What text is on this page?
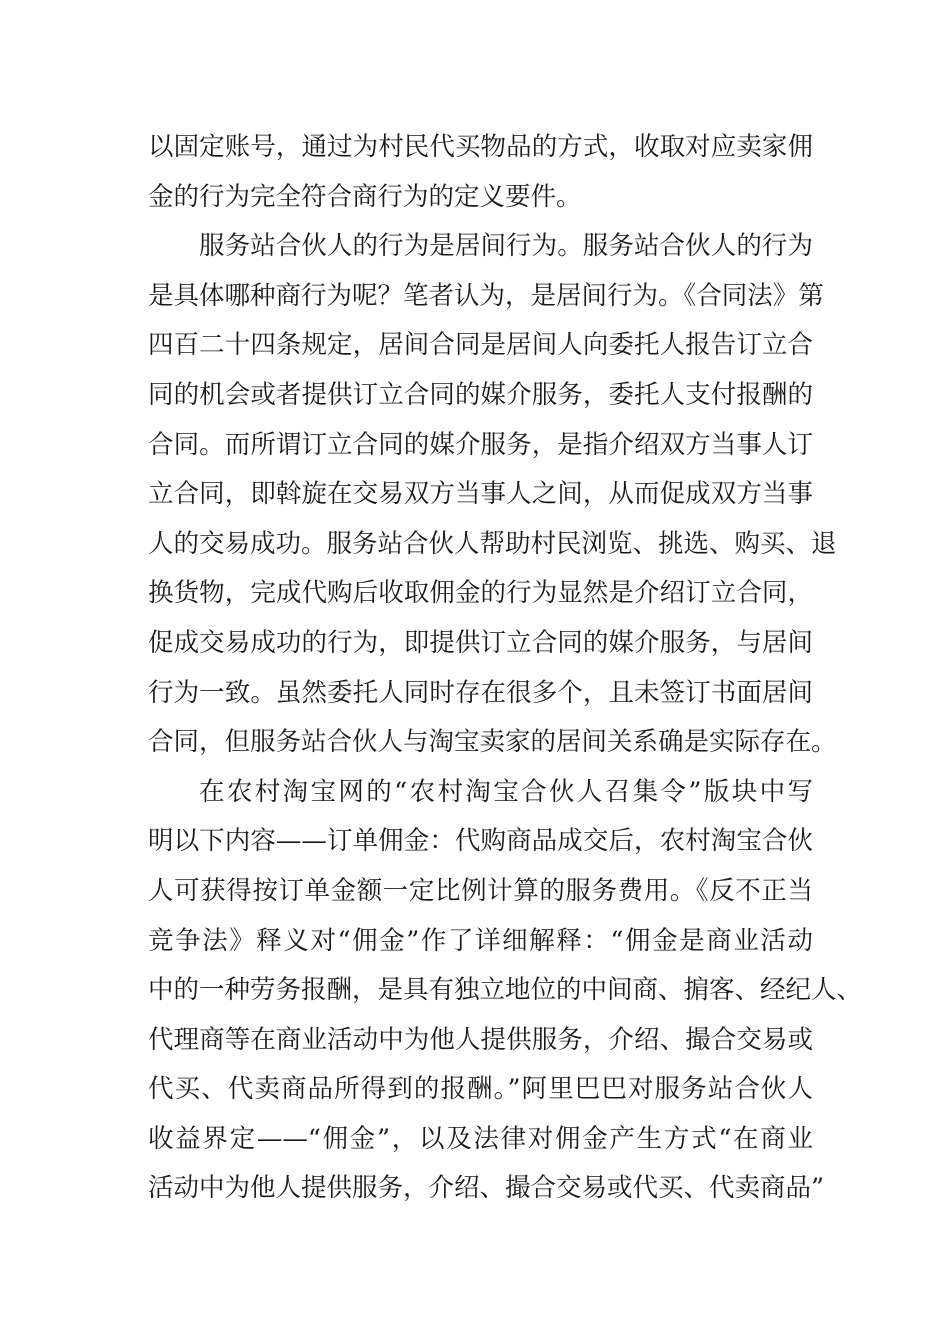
以固定账号，通过为村民代买物品的方式，收取对应卖家佣
金的行为完全符合商行为的定义要件。
服务站合伙人的行为是居间行为。服务站合伙人的行为
是具体哪种商行为呢？笔者认为，是居间行为。《合同法》第
四百二十四条规定，居间合同是居间人向委托人报告订立合
同的机会或者提供订立合同的媒介服务，委托人支付报酬的
合同。而所谓订立合同的媒介服务，是指介绍双方当事人订
立合同，即斡旋在交易双方当事人之间，从而促成双方当事
人的交易成功。服务站合伙人帮助村民浏览、挑选、购买、退
换货物，完成代购后收取佣金的行为显然是介绍订立合同，
促成交易成功的行为，即提供订立合同的媒介服务，与居间
行为一致。虽然委托人同时存在很多个，且未签订书面居间
合同，但服务站合伙人与淘宝卖家的居间关系确是实际存在。
在农村淘宝网的“农村淘宝合伙人召集令”版块中写
明以下内容——订单佣金：代购商品成交后，农村淘宝合伙
人可获得按订单金额一定比例计算的服务费用。《反不正当
竞争法》释义对“佣金”作了详细解释：“佣金是商业活动
中的一种劳务报酬，是具有独立地位的中间商、掮客、经纪人、
代理商等在商业活动中为他人提供服务，介绍、撮合交易或
代买、代卖商品所得到的报酬。”阿里巴巴对服务站合伙人
收益界定——“佣金”，以及法律对佣金产生方式“在商业
活动中为他人提供服务，介绍、撮合交易或代买、代卖商品”
